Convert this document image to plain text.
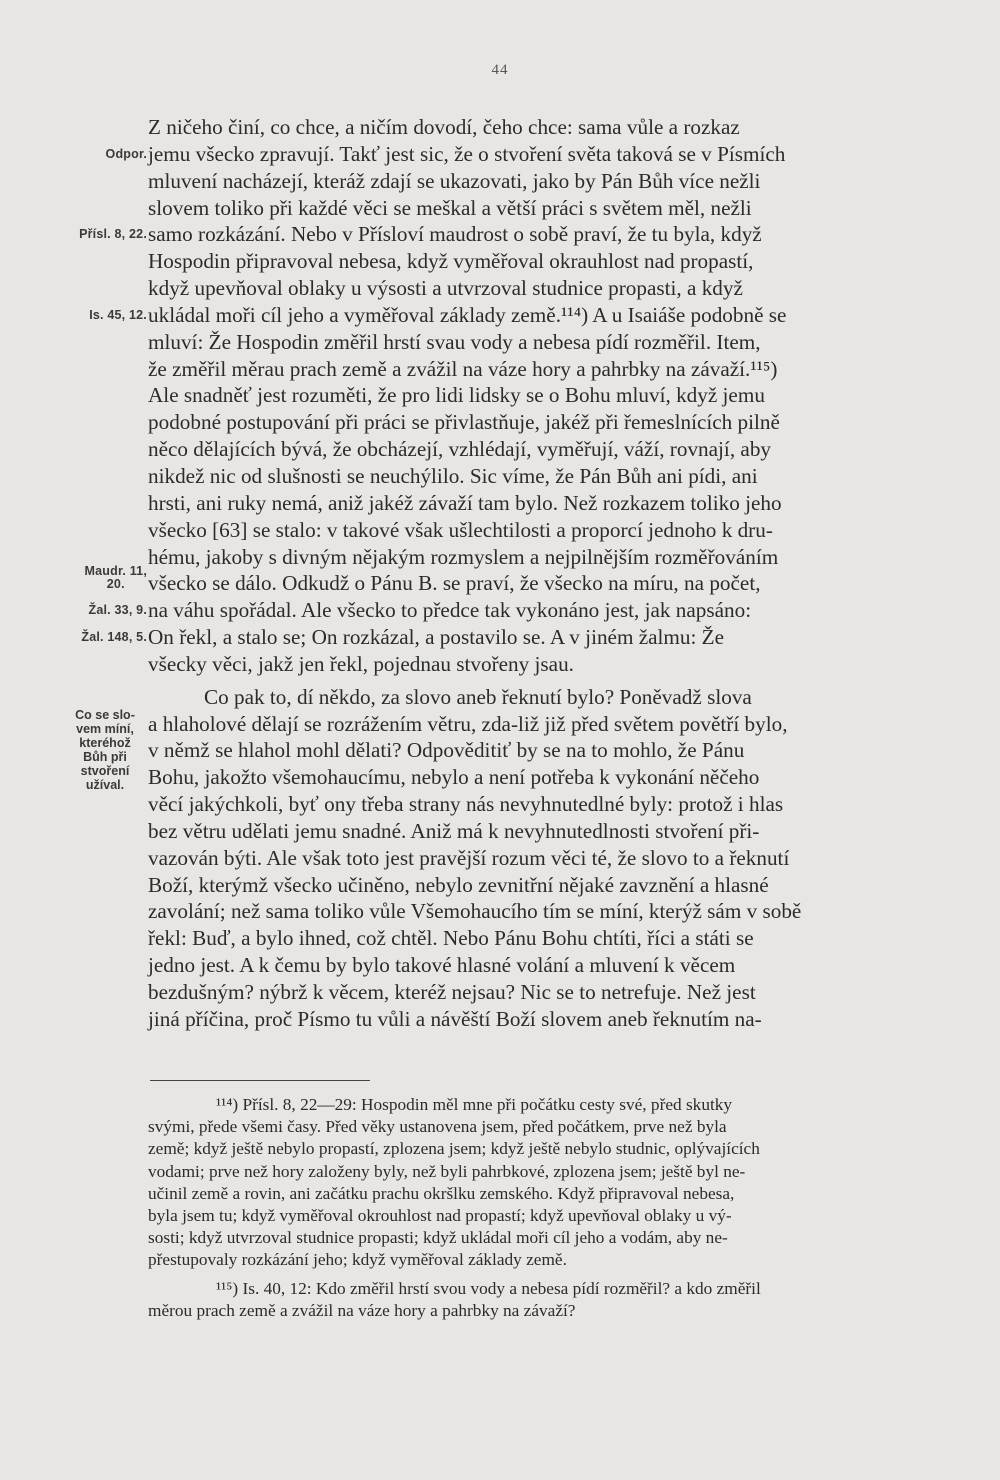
44
Z ničeho činí, co chce, a ničím dovodí, čeho chce: sama vůle a rozkaz
Odpor. jemu všecko zpravují. Takť jest sic, že o stvoření světa taková se v Písmích
mluvení nacházejí, kteráž zdají se ukazovati, jako by Pán Bůh více nežli
slovem toliko při každé věci se meškal a větší práci s světem měl, nežli
Přísl. 8, 22. samo rozkázání. Nebo v Přísloví maudrost o sobě praví, že tu byla, když
Hospodin připravoval nebesa, když vyměřoval okrauhlost nad propastí,
když upevňoval oblaky u výsosti a utvrzoval studnice propasti, a když
Is. 45, 12. ukládal moři cíl jeho a vyměřoval základy země.¹¹⁴) A u Isaiáše podobně se
mluví: Že Hospodin změřil hrstí svau vody a nebesa pídí rozměřil. Item,
že změřil měrau prach země a zvážil na váze hory a pahrbky na závaží.¹¹⁵)
Ale snadněť jest rozuměti, že pro lidi lidsky se o Bohu mluví, když jemu
podobné postupování při práci se přivlastňuje, jakéž při řemeslnících pilně
něco dělajících bývá, že obcházejí, vzhlédají, vyměřují, váží, rovnají, aby
nikdež nic od slušnosti se neuchýlilo. Sic víme, že Pán Bůh ani pídi, ani
hrsti, ani ruky nemá, aniž jakéž závaží tam bylo. Než rozkazem toliko jeho
všecko [63] se stalo: v takové však ušlechtilosti a proporcí jednoho k dru-
hému, jakoby s divným nějakým rozmyslem a nejpilnějším rozměřováním
Maudr. 11,
20.	všecko se dálo. Odkudž o Pánu B. se praví, že všecko na míru, na počet,
Žal. 33, 9. na váhu spořádal. Ale všecko to předce tak vykonáno jest, jak napsáno:
Žal. 148, 5. On řekl, a stalo se; On rozkázal, a postavilo se. A v jiném žalmu: Že
všecky věci, jakž jen řekl, pojednau stvořeny jsau.
Co pak to, dí někdo, za slovo aneb řeknutí bylo? Poněvadž slova
a hlaholové dělají se rozrážením větru, zda-liž již před světem povětří bylo,
v němž se hlahol mohl dělati? Odpověditiť by se na to mohlo, že Pánu
Bohu, jakožto všemohaucímu, nebylo a není potřeba k vykonání něčeho
věcí jakýchkoli, byť ony třeba strany nás nevyhnutedlné byly: protož i hlas
bez větru udělati jemu snadné. Aniž má k nevyhnutedlnosti stvoření při-
vazován býti. Ale však toto jest pravější rozum věci té, že slovo to a řeknutí
Boží, kterýmž všecko učiněno, nebylo zevnitřní nějaké zavznění a hlasné
zavolání; než sama toliko vůle Všemohaucího tím se míní, kterýž sám v sobě
řekl: Buď, a bylo ihned, což chtěl. Nebo Pánu Bohu chtíti, říci a státi se
jedno jest. A k čemu by bylo takové hlasné volání a mluvení k věcem
bezdušným? nýbrž k věcem, kteréž nejsau? Nic se to netrefuje. Než jest
jiná příčina, proč Písmo tu vůli a návěští Boží slovem aneb řeknutím na-
Co se slo-
vem míní,
kteréhož
Bůh při
stvoření
užíval.
¹¹⁴) Přísl. 8, 22—29: Hospodin měl mne při počátku cesty své, před skutky
svými, přede všemi časy. Před věky ustanovena jsem, před počátkem, prve než byla
země; když ještě nebylo propastí, zplozena jsem; když ještě nebylo studnic, oplývajících
vodami; prve než hory založeny byly, než byli pahrbkové, zplozena jsem; ještě byl ne-
učinil země a rovin, ani začátku prachu okršlku zemského. Když připravoval nebesa,
byla jsem tu; když vyměřoval okrouhlost nad propastí; když upevňoval oblaky u vý-
sosti; když utvrzoval studnice propasti; když ukládal moři cíl jeho a vodám, aby ne-
přestupovaly rozkázání jeho; když vyměřoval základy země.
¹¹⁵) Is. 40, 12: Kdo změřil hrstí svou vody a nebesa pídí rozměřil? a kdo změřil
měrou prach země a zvážil na váze hory a pahrbky na závaží?
